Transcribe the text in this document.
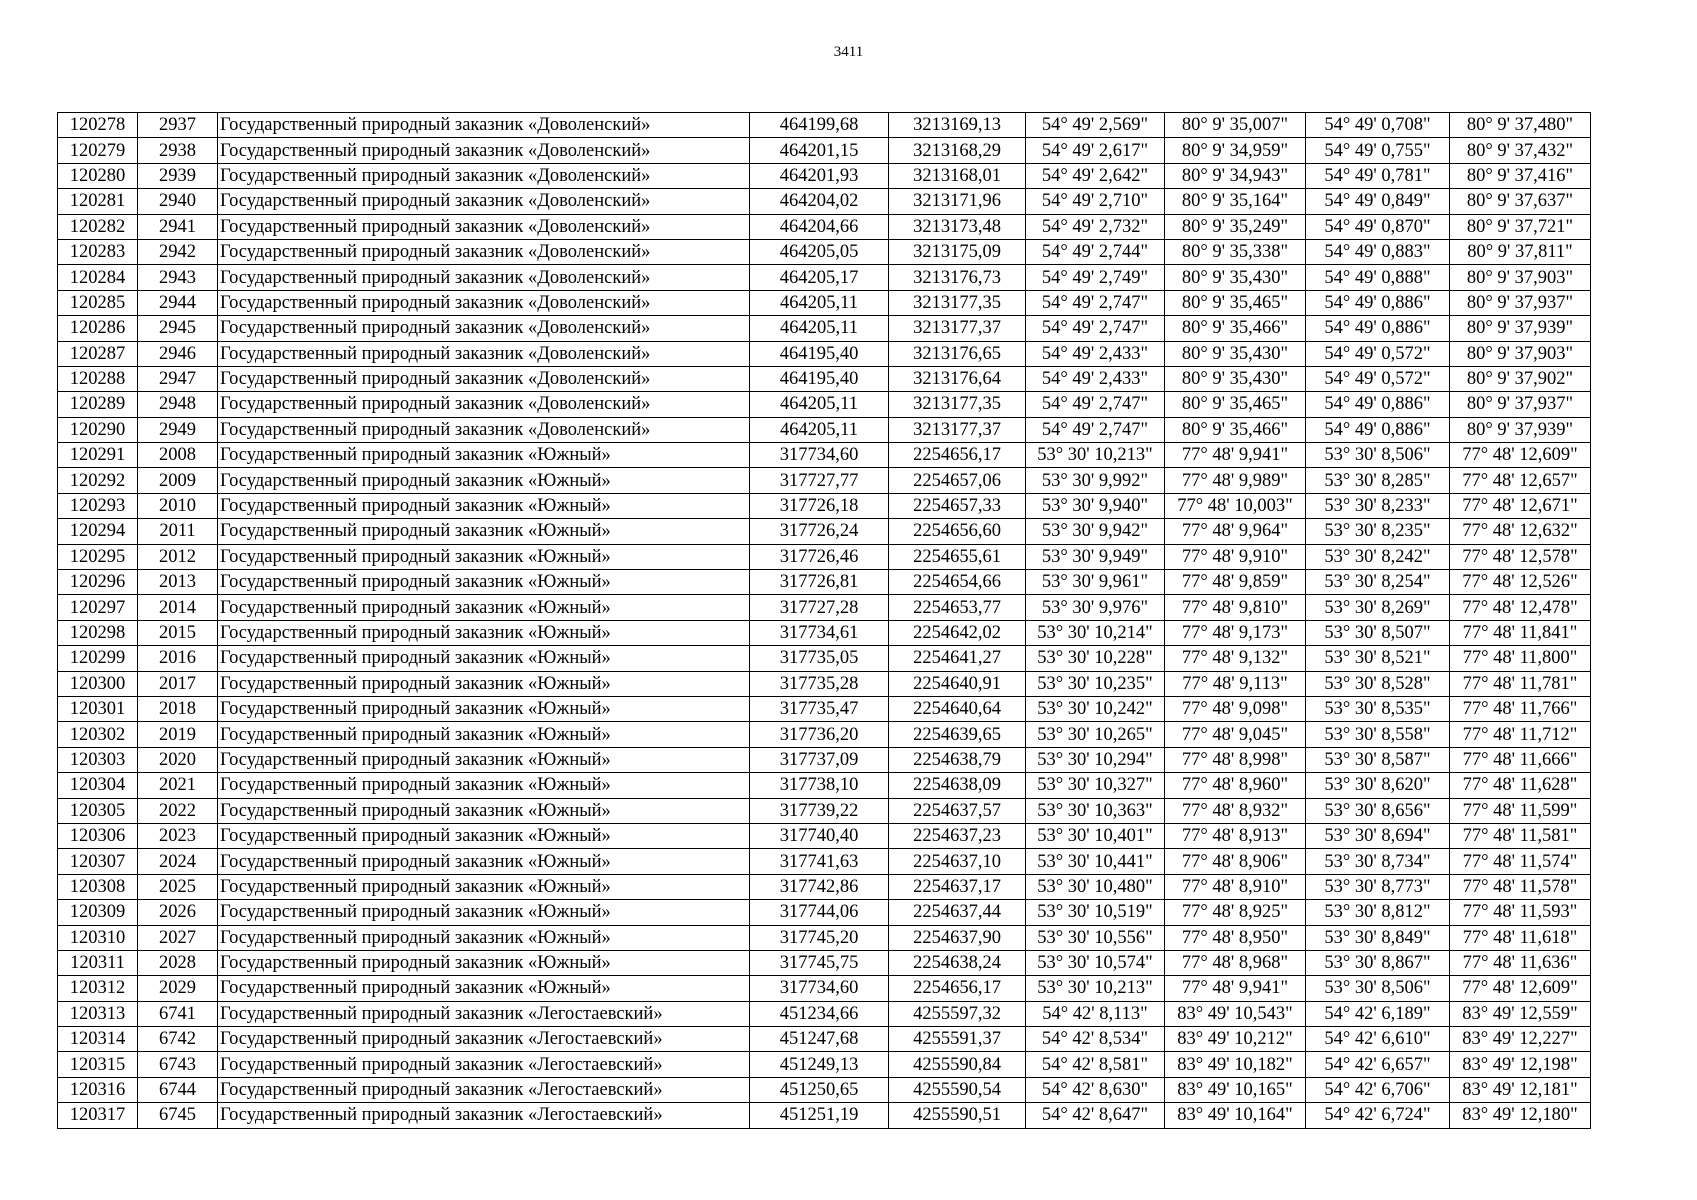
3411
120278	2937	Государственный природный заказник «Доволенский»	464199,68	3213169,13	54° 49' 2,569"	80° 9' 35,007"	54° 49' 0,708"	80° 9' 37,480"
120279	2938	Государственный природный заказник «Доволенский»	464201,15	3213168,29	54° 49' 2,617"	80° 9' 34,959"	54° 49' 0,755"	80° 9' 37,432"
120280	2939	Государственный природный заказник «Доволенский»	464201,93	3213168,01	54° 49' 2,642"	80° 9' 34,943"	54° 49' 0,781"	80° 9' 37,416"
120281	2940	Государственный природный заказник «Доволенский»	464204,02	3213171,96	54° 49' 2,710"	80° 9' 35,164"	54° 49' 0,849"	80° 9' 37,637"
120282	2941	Государственный природный заказник «Доволенский»	464204,66	3213173,48	54° 49' 2,732"	80° 9' 35,249"	54° 49' 0,870"	80° 9' 37,721"
120283	2942	Государственный природный заказник «Доволенский»	464205,05	3213175,09	54° 49' 2,744"	80° 9' 35,338"	54° 49' 0,883"	80° 9' 37,811"
120284	2943	Государственный природный заказник «Доволенский»	464205,17	3213176,73	54° 49' 2,749"	80° 9' 35,430"	54° 49' 0,888"	80° 9' 37,903"
120285	2944	Государственный природный заказник «Доволенский»	464205,11	3213177,35	54° 49' 2,747"	80° 9' 35,465"	54° 49' 0,886"	80° 9' 37,937"
120286	2945	Государственный природный заказник «Доволенский»	464205,11	3213177,37	54° 49' 2,747"	80° 9' 35,466"	54° 49' 0,886"	80° 9' 37,939"
120287	2946	Государственный природный заказник «Доволенский»	464195,40	3213176,65	54° 49' 2,433"	80° 9' 35,430"	54° 49' 0,572"	80° 9' 37,903"
120288	2947	Государственный природный заказник «Доволенский»	464195,40	3213176,64	54° 49' 2,433"	80° 9' 35,430"	54° 49' 0,572"	80° 9' 37,902"
120289	2948	Государственный природный заказник «Доволенский»	464205,11	3213177,35	54° 49' 2,747"	80° 9' 35,465"	54° 49' 0,886"	80° 9' 37,937"
120290	2949	Государственный природный заказник «Доволенский»	464205,11	3213177,37	54° 49' 2,747"	80° 9' 35,466"	54° 49' 0,886"	80° 9' 37,939"
120291	2008	Государственный природный заказник «Южный»	317734,60	2254656,17	53° 30' 10,213"	77° 48' 9,941"	53° 30' 8,506"	77° 48' 12,609"
120292	2009	Государственный природный заказник «Южный»	317727,77	2254657,06	53° 30' 9,992"	77° 48' 9,989"	53° 30' 8,285"	77° 48' 12,657"
120293	2010	Государственный природный заказник «Южный»	317726,18	2254657,33	53° 30' 9,940"	77° 48' 10,003"	53° 30' 8,233"	77° 48' 12,671"
120294	2011	Государственный природный заказник «Южный»	317726,24	2254656,60	53° 30' 9,942"	77° 48' 9,964"	53° 30' 8,235"	77° 48' 12,632"
120295	2012	Государственный природный заказник «Южный»	317726,46	2254655,61	53° 30' 9,949"	77° 48' 9,910"	53° 30' 8,242"	77° 48' 12,578"
120296	2013	Государственный природный заказник «Южный»	317726,81	2254654,66	53° 30' 9,961"	77° 48' 9,859"	53° 30' 8,254"	77° 48' 12,526"
120297	2014	Государственный природный заказник «Южный»	317727,28	2254653,77	53° 30' 9,976"	77° 48' 9,810"	53° 30' 8,269"	77° 48' 12,478"
120298	2015	Государственный природный заказник «Южный»	317734,61	2254642,02	53° 30' 10,214"	77° 48' 9,173"	53° 30' 8,507"	77° 48' 11,841"
120299	2016	Государственный природный заказник «Южный»	317735,05	2254641,27	53° 30' 10,228"	77° 48' 9,132"	53° 30' 8,521"	77° 48' 11,800"
120300	2017	Государственный природный заказник «Южный»	317735,28	2254640,91	53° 30' 10,235"	77° 48' 9,113"	53° 30' 8,528"	77° 48' 11,781"
120301	2018	Государственный природный заказник «Южный»	317735,47	2254640,64	53° 30' 10,242"	77° 48' 9,098"	53° 30' 8,535"	77° 48' 11,766"
120302	2019	Государственный природный заказник «Южный»	317736,20	2254639,65	53° 30' 10,265"	77° 48' 9,045"	53° 30' 8,558"	77° 48' 11,712"
120303	2020	Государственный природный заказник «Южный»	317737,09	2254638,79	53° 30' 10,294"	77° 48' 8,998"	53° 30' 8,587"	77° 48' 11,666"
120304	2021	Государственный природный заказник «Южный»	317738,10	2254638,09	53° 30' 10,327"	77° 48' 8,960"	53° 30' 8,620"	77° 48' 11,628"
120305	2022	Государственный природный заказник «Южный»	317739,22	2254637,57	53° 30' 10,363"	77° 48' 8,932"	53° 30' 8,656"	77° 48' 11,599"
120306	2023	Государственный природный заказник «Южный»	317740,40	2254637,23	53° 30' 10,401"	77° 48' 8,913"	53° 30' 8,694"	77° 48' 11,581"
120307	2024	Государственный природный заказник «Южный»	317741,63	2254637,10	53° 30' 10,441"	77° 48' 8,906"	53° 30' 8,734"	77° 48' 11,574"
120308	2025	Государственный природный заказник «Южный»	317742,86	2254637,17	53° 30' 10,480"	77° 48' 8,910"	53° 30' 8,773"	77° 48' 11,578"
120309	2026	Государственный природный заказник «Южный»	317744,06	2254637,44	53° 30' 10,519"	77° 48' 8,925"	53° 30' 8,812"	77° 48' 11,593"
120310	2027	Государственный природный заказник «Южный»	317745,20	2254637,90	53° 30' 10,556"	77° 48' 8,950"	53° 30' 8,849"	77° 48' 11,618"
120311	2028	Государственный природный заказник «Южный»	317745,75	2254638,24	53° 30' 10,574"	77° 48' 8,968"	53° 30' 8,867"	77° 48' 11,636"
120312	2029	Государственный природный заказник «Южный»	317734,60	2254656,17	53° 30' 10,213"	77° 48' 9,941"	53° 30' 8,506"	77° 48' 12,609"
120313	6741	Государственный природный заказник «Легостаевский»	451234,66	4255597,32	54° 42' 8,113"	83° 49' 10,543"	54° 42' 6,189"	83° 49' 12,559"
120314	6742	Государственный природный заказник «Легостаевский»	451247,68	4255591,37	54° 42' 8,534"	83° 49' 10,212"	54° 42' 6,610"	83° 49' 12,227"
120315	6743	Государственный природный заказник «Легостаевский»	451249,13	4255590,84	54° 42' 8,581"	83° 49' 10,182"	54° 42' 6,657"	83° 49' 12,198"
120316	6744	Государственный природный заказник «Легостаевский»	451250,65	4255590,54	54° 42' 8,630"	83° 49' 10,165"	54° 42' 6,706"	83° 49' 12,181"
120317	6745	Государственный природный заказник «Легостаевский»	451251,19	4255590,51	54° 42' 8,647"	83° 49' 10,164"	54° 42' 6,724"	83° 49' 12,180"
